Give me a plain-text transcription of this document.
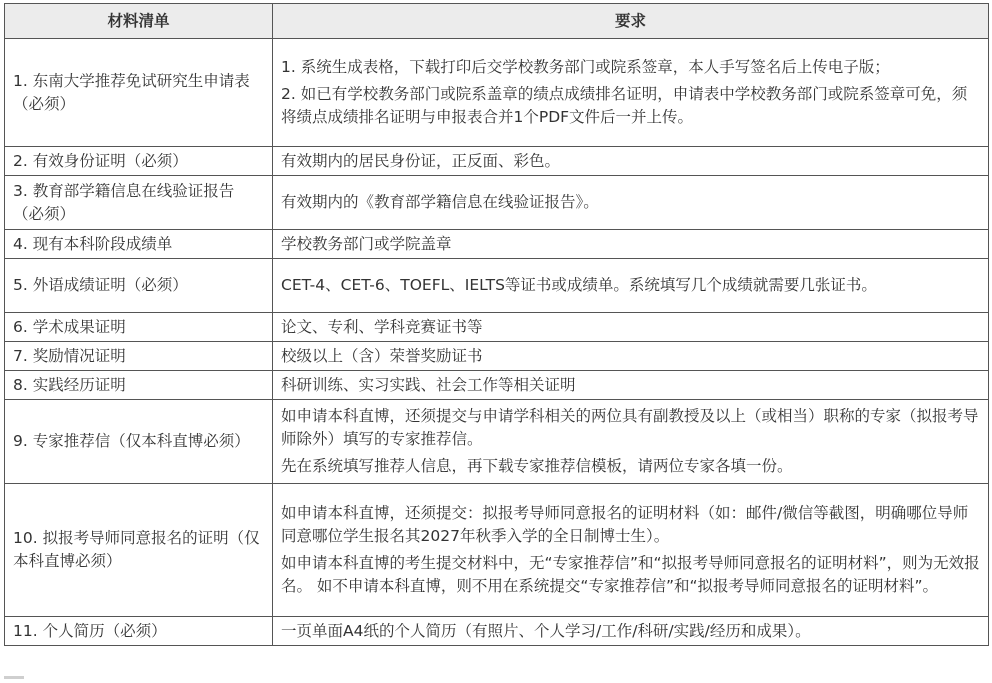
材料清单	要求
1. 东南大学推荐免试研究生申请表（必须）	1. 系统生成表格，下载打印后交学校教务部门或院系签章，本人手写签名后上传电子版；

2. 如已有学校教务部门或院系盖章的绩点成绩排名证明，申请表中学校教务部门或院系签章可免，须将绩点成绩排名证明与申报表合并1个PDF文件后一并上传。

2. 有效身份证明（必须）	有效期内的居民身份证，正反面、彩色。

3. 教育部学籍信息在线验证报告（必须）	有效期内的《教育部学籍信息在线验证报告》。

4. 现有本科阶段成绩单	学校教务部门或学院盖章

5. 外语成绩证明（必须）	CET-4、CET-6、TOEFL、IELTS等证书或成绩单。系统填写几个成绩就需要几张证书。

6. 学术成果证明	论文、专利、学科竞赛证书等

7. 奖励情况证明	校级以上（含）荣誉奖励证书

8. 实践经历证明	科研训练、实习实践、社会工作等相关证明

9. 专家推荐信（仅本科直博必须）	如申请本科直博，还须提交与申请学科相关的两位具有副教授及以上（或相当）职称的专家（拟报考导师除外）填写的专家推荐信。

先在系统填写推荐人信息，再下载专家推荐信模板，请两位专家各填一份。

10. 拟报考导师同意报名的证明（仅本科直博必须）	如申请本科直博，还须提交：拟报考导师同意报名的证明材料（如：邮件/微信等截图，明确哪位导师同意哪位学生报名其2027年秋季入学的全日制博士生）。

如申请本科直博的考生提交材料中，无“专家推荐信”和“拟报考导师同意报名的证明材料”，则为无效报名。 如不申请本科直博，则不用在系统提交“专家推荐信”和“拟报考导师同意报名的证明材料”。

11. 个人简历（必须）	一页单面A4纸的个人简历（有照片、个人学习/工作/科研/实践/经历和成果）。
